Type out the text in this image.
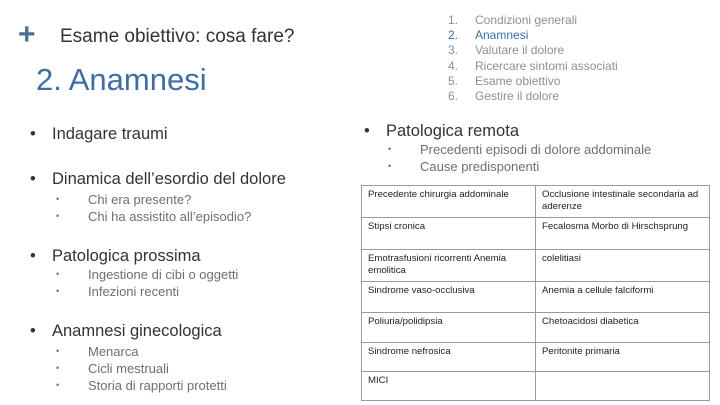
+ Esame obiettivo: cosa fare?
2. Anamnesi
1.	Condizioni generali
2.	Anamnesi
3.	Valutare il dolore
4.	Ricercare sintomi associati
5.	Esame obiettivo
6.	Gestire il dolore
• Indagare traumi
• Dinamica dell’esordio del dolore
•	Chi era presente?
•	Chi ha assistito all’episodio?
• Patologica prossima
•	Ingestione di cibi o oggetti
•	Infezioni recenti
• Anamnesi ginecologica
•	Menarca
•	Cicli mestruali
•	Storia di rapporti protetti
• Patologica remota
•	Precedenti episodi di dolore addominale
•	Cause predisponenti
Precedente chirurgia addominale	Occlusione intestinale secondaria ad aderenze
Stipsi cronica	Fecalosma Morbo di Hirschsprung
Emotrasfusioni ricorrenti Anemia emolitica	colelitiasi
Sindrome vaso-occlusiva	Anemia a cellule falciformi
Poliuria/polidipsia	Chetoacidosi diabetica
Sindrome nefrosica	Peritonite primaria
MICI	
